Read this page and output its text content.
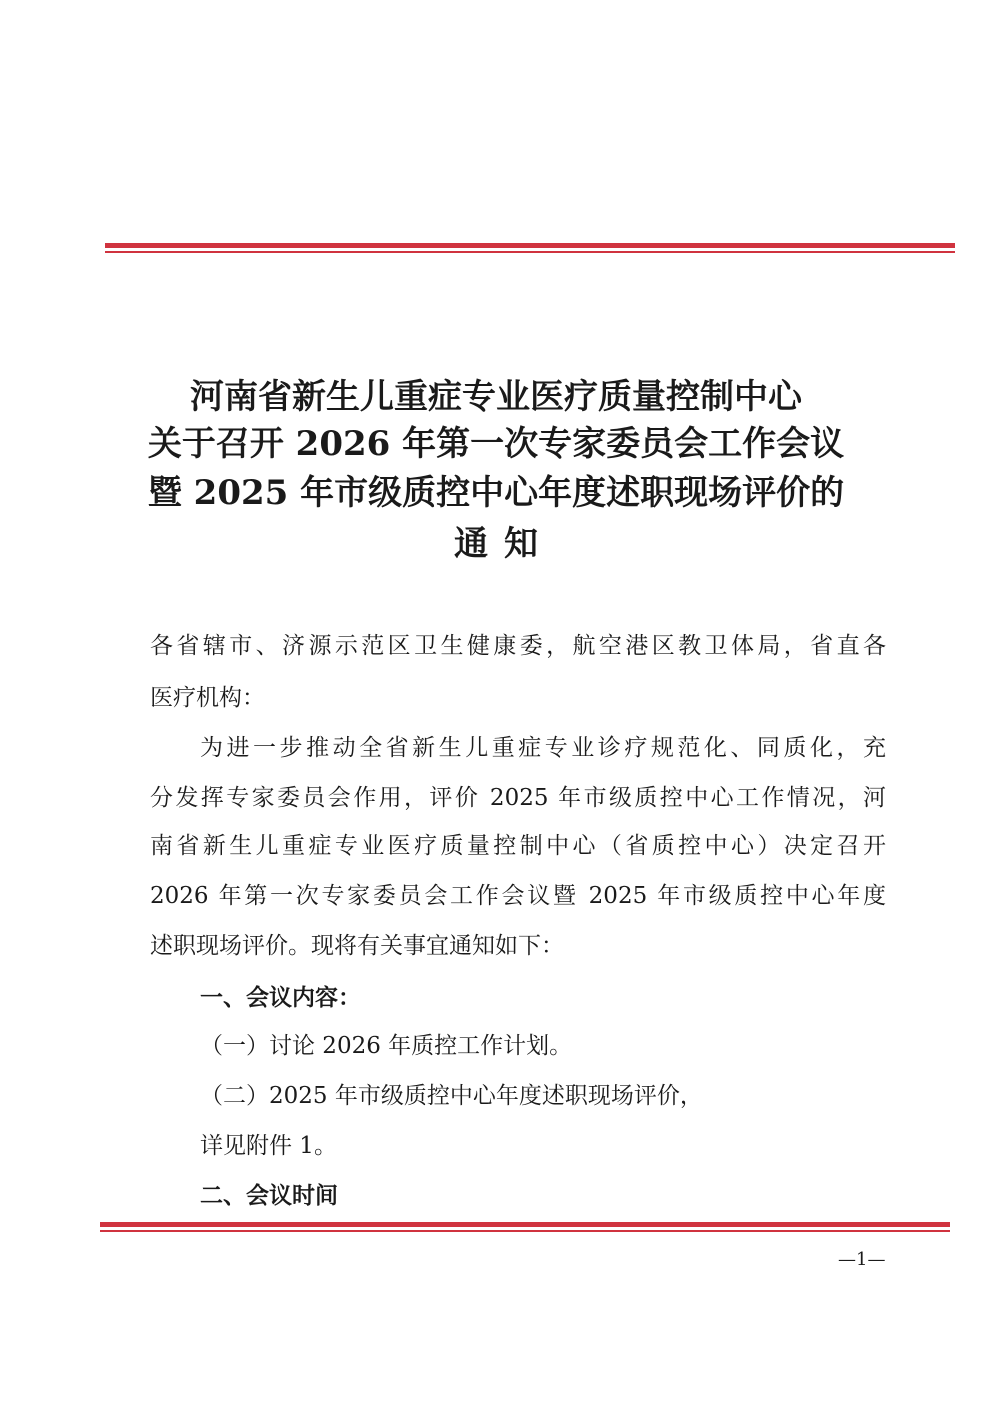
河南省新生儿重症专业医疗质量控制中心
关于召开 2026 年第一次专家委员会工作会议
暨 2025 年市级质控中心年度述职现场评价的
通知
各省辖市、济源示范区卫生健康委，航空港区教卫体局，省直各
医疗机构：
为进一步推动全省新生儿重症专业诊疗规范化、同质化，充
分发挥专家委员会作用，评价 2025 年市级质控中心工作情况，河
南省新生儿重症专业医疗质量控制中心（省质控中心）决定召开
2026 年第一次专家委员会工作会议暨 2025 年市级质控中心年度
述职现场评价。现将有关事宜通知如下：
一、会议内容：
（一）讨论 2026 年质控工作计划。
（二）2025 年市级质控中心年度述职现场评价，
详见附件 1。
二、会议时间
—1—
